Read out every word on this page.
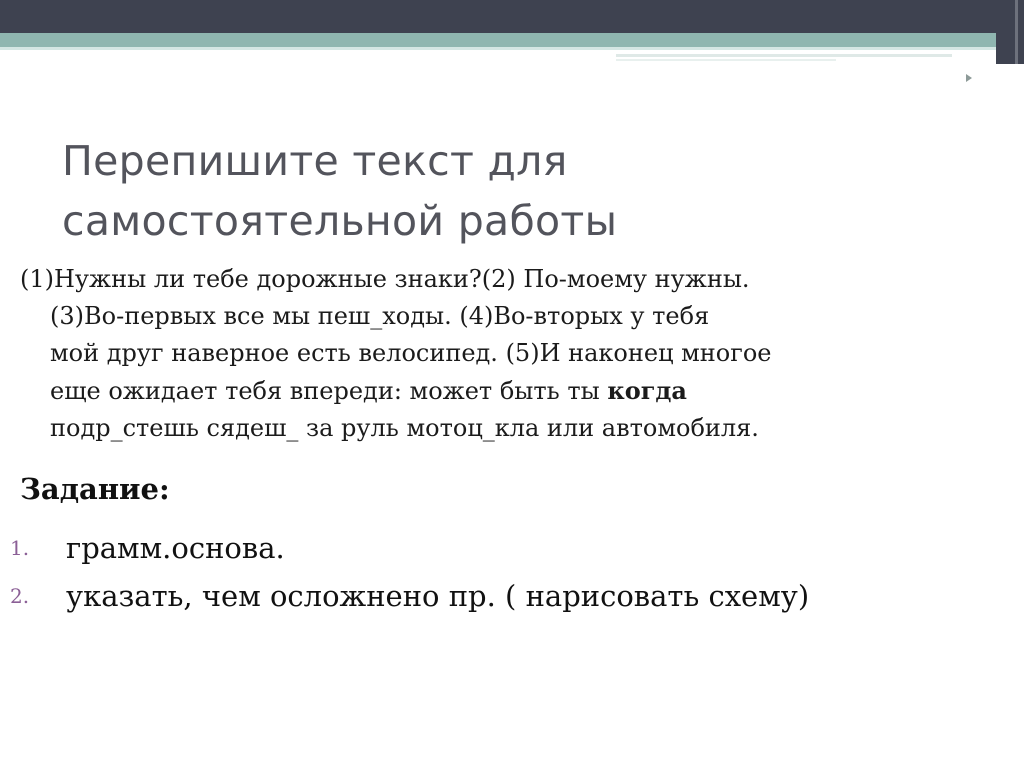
Перепишите текст для
самостоятельной работы
(1)Нужны ли тебе дорожные знаки?(2) По-моему нужны.
(3)Во-первых все мы пеш_ходы. (4)Во-вторых у тебя
мой друг наверное есть велосипед. (5)И наконец многое
еще ожидает тебя впереди: может быть ты когда
подр_стешь сядеш_ за руль мотоц_кла или автомобиля.
Задание:
1. грамм.основа.
2. указать, чем осложнено пр. ( нарисовать схему)
